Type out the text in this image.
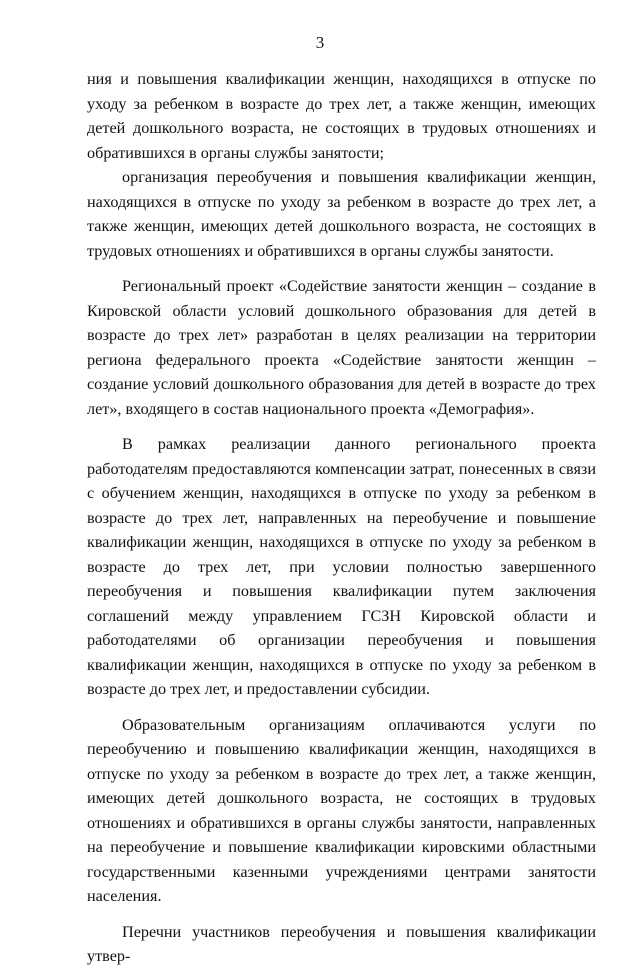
3

ния и повышения квалификации женщин, находящихся в отпуске по уходу за ребенком в возрасте до трех лет, а также женщин, имеющих детей дошкольного возраста, не состоящих в трудовых отношениях и обратившихся в органы службы занятости;

организация переобучения и повышения квалификации женщин, находящихся в отпуске по уходу за ребенком в возрасте до трех лет, а также женщин, имеющих детей дошкольного возраста, не состоящих в трудовых отношениях и обратившихся в органы службы занятости.

Региональный проект «Содействие занятости женщин – создание в Кировской области условий дошкольного образования для детей в возрасте до трех лет» разработан в целях реализации на территории региона федерального проекта «Содействие занятости женщин – создание условий дошкольного образования для детей в возрасте до трех лет», входящего в состав национального проекта «Демография».

В рамках реализации данного регионального проекта работодателям предоставляются компенсации затрат, понесенных в связи с обучением женщин, находящихся в отпуске по уходу за ребенком в возрасте до трех лет, направленных на переобучение и повышение квалификации женщин, находящихся в отпуске по уходу за ребенком в возрасте до трех лет, при условии полностью завершенного переобучения и повышения квалификации путем заключения соглашений между управлением ГСЗН Кировской области и работодателями об организации переобучения и повышения квалификации женщин, находящихся в отпуске по уходу за ребенком в возрасте до трех лет, и предоставлении субсидии.

Образовательным организациям оплачиваются услуги по переобучению и повышению квалификации женщин, находящихся в отпуске по уходу за ребенком в возрасте до трех лет, а также женщин, имеющих детей дошкольного возраста, не состоящих в трудовых отношениях и обратившихся в органы службы занятости, направленных на переобучение и повышение квалификации кировскими областными государственными казенными учреждениями центрами занятости населения.

Перечни участников переобучения и повышения квалификации утвер-
